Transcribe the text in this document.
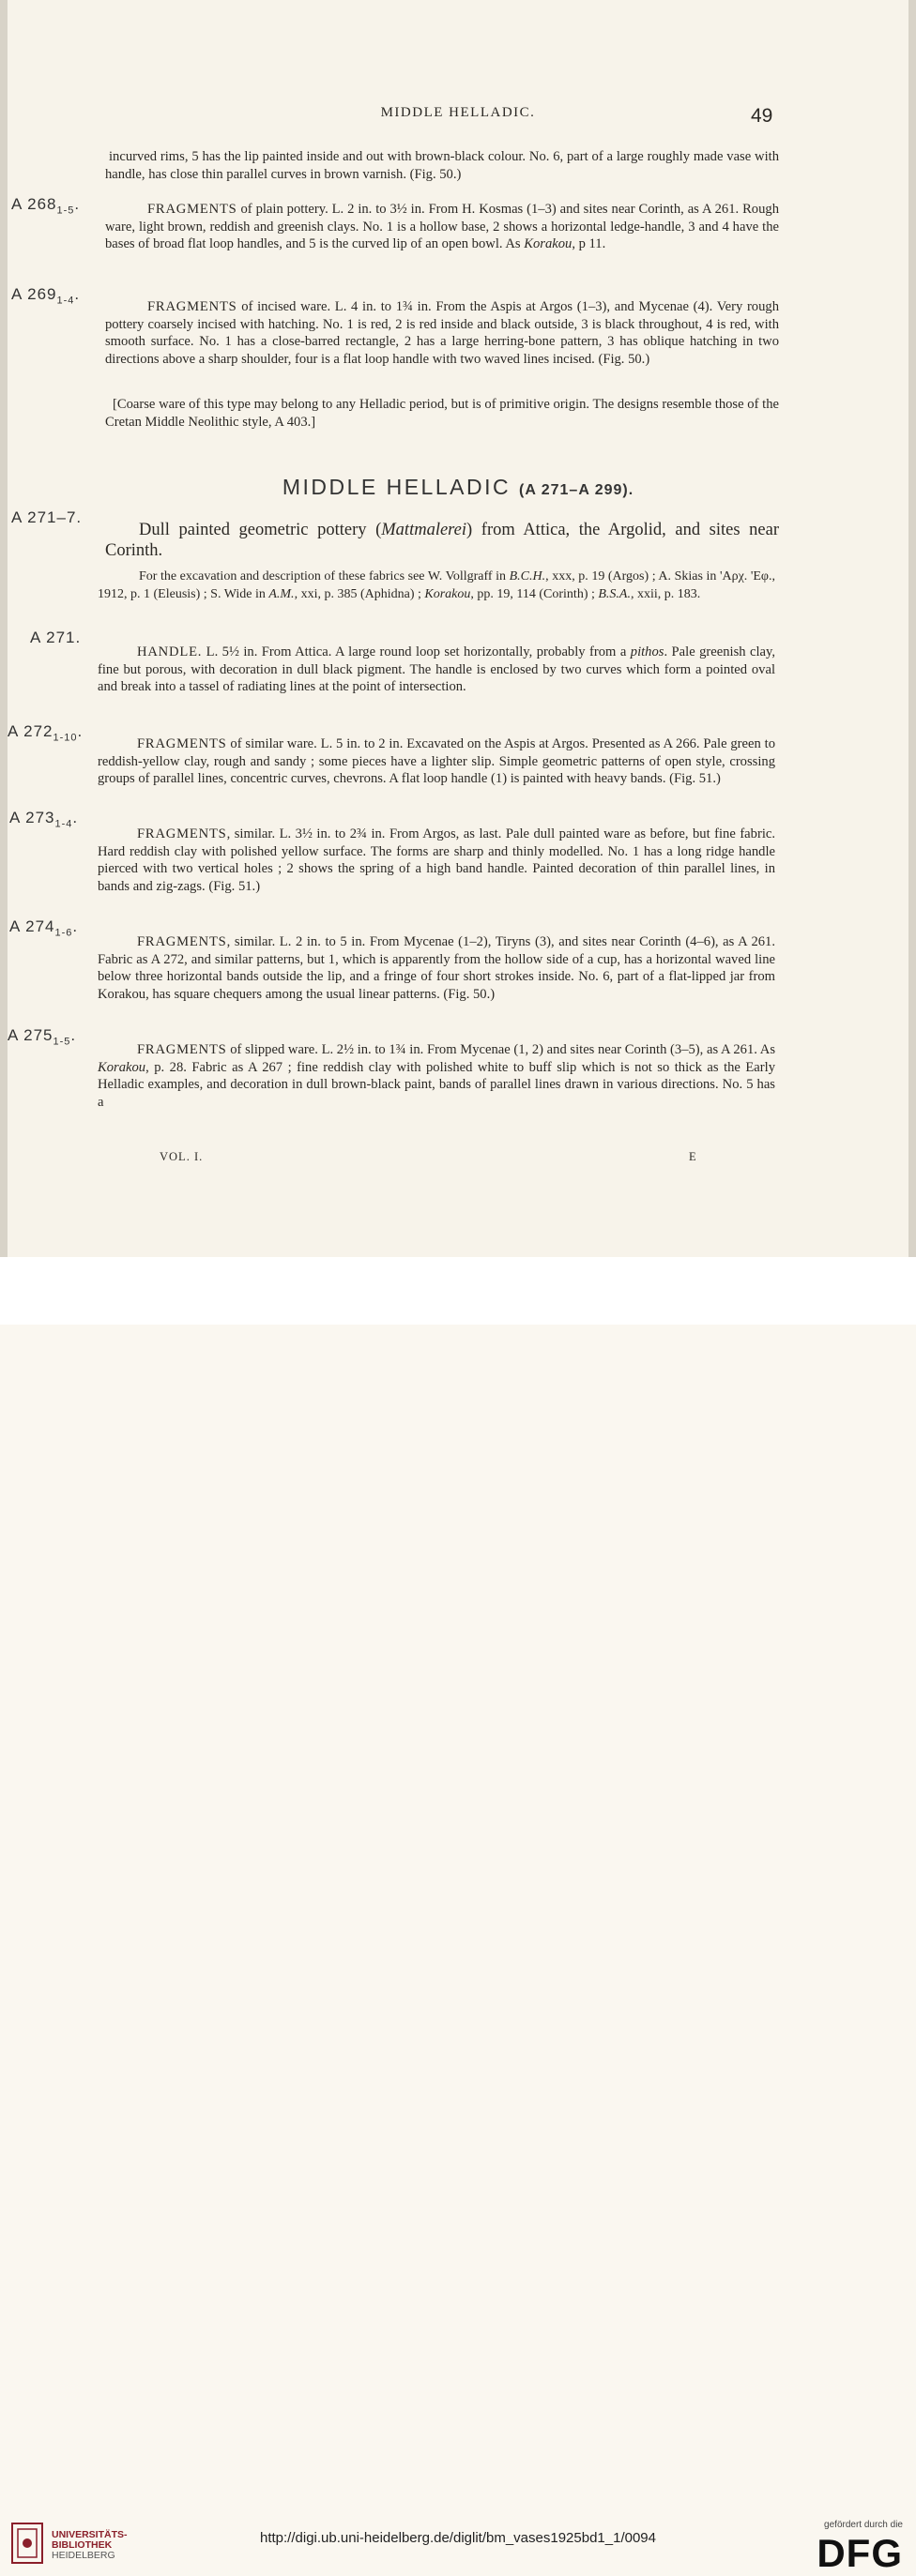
MIDDLE HELLADIC.	49

incurved rims, 5 has the lip painted inside and out with brown-black colour. No. 6, part of a large roughly made vase with handle, has close thin parallel curves in brown varnish. (Fig. 50.)

A $268_{1-5}$.	FRAGMENTS of plain pottery. L. 2 in. to 3½ in. From H. Kosmas (1–3) and sites near Corinth, as A 261. Rough ware, light brown, reddish and greenish clays. No. 1 is a hollow base, 2 shows a horizontal ledge-handle, 3 and 4 have the bases of broad flat loop handles, and 5 is the curved lip of an open bowl. As Korakou, p 11.

A $269_{1-4}$.

FRAGMENTS of incised ware. L. 4 in. to 1¾ in. From the Aspis at Argos (1–3), and Mycenae (4). Very rough pottery coarsely incised with hatching. No. 1 is red, 2 is red inside and black outside, 3 is black throughout, 4 is red, with smooth surface. No. 1 has a close-barred rectangle, 2 has a large herring-bone pattern, 3 has oblique hatching in two directions above a sharp shoulder, four is a flat loop handle with two waved lines incised. (Fig. 50.)

[Coarse ware of this type may belong to any Helladic period, but is of primitive origin. The designs resemble those of the Cretan Middle Neolithic style, A 403.]

MIDDLE HELLADIC (A 271–A 299).
A 271–7.

Dull painted geometric pottery (Mattmalerei) from Attica, the Argolid, and sites near Corinth.

For the excavation and description of these fabrics see W. Vollgraff in B.C.H., xxx, p. 19 (Argos) ; A. Skias in 'Αρχ. 'Εφ., 1912, p. 1 (Eleusis) ; S. Wide in A.M., xxi, p. 385 (Aphidna) ; Korakou, pp. 19, 114 (Corinth) ; B.S.A., xxii, p. 183.

A 271.

HANDLE. L. 5½ in. From Attica. A large round loop set horizontally, probably from a pithos. Pale greenish clay, fine but porous, with decoration in dull black pigment. The handle is enclosed by two curves which form a pointed oval and break into a tassel of radiating lines at the point of intersection.

A $272_{1-10}$.

FRAGMENTS of similar ware. L. 5 in. to 2 in. Excavated on the Aspis at Argos. Presented as A 266. Pale green to reddish-yellow clay, rough and sandy ; some pieces have a lighter slip. Simple geometric patterns of open style, crossing groups of parallel lines, concentric curves, chevrons. A flat loop handle (1) is painted with heavy bands. (Fig. 51.)

A $273_{1-4}$.

FRAGMENTS, similar. L. 3½ in. to 2¾ in. From Argos, as last. Pale dull painted ware as before, but fine fabric. Hard reddish clay with polished yellow surface. The forms are sharp and thinly modelled. No. 1 has a long ridge handle pierced with two vertical holes ; 2 shows the spring of a high band handle. Painted decoration of thin parallel lines, in bands and zig-zags. (Fig. 51.)

A $274_{1-6}$.

FRAGMENTS, similar. L. 2 in. to 5 in. From Mycenae (1–2), Tiryns (3), and sites near Corinth (4–6), as A 261. Fabric as A 272, and similar patterns, but 1, which is apparently from the hollow side of a cup, has a horizontal waved line below three horizontal bands outside the lip, and a fringe of four short strokes inside. No. 6, part of a flat-lipped jar from Korakou, has square chequers among the usual linear patterns. (Fig. 50.)

A $275_{1-5}$.

FRAGMENTS of slipped ware. L. 2½ in. to 1¾ in. From Mycenae (1, 2) and sites near Corinth (3–5), as A 261. As Korakou, p. 28. Fabric as A 267 ; fine reddish clay with polished white to buff slip which is not so thick as the Early Helladic examples, and decoration in dull brown-black paint, bands of parallel lines drawn in various directions. No. 5 has a

VOL. I.	E
UNIVERSITÄTS-
BIBLIOTHEK
HEIDELBERG
http://digi.ub.uni-heidelberg.de/diglit/bm_vases1925bd1_1/0094
gefördert durch die
DFG
